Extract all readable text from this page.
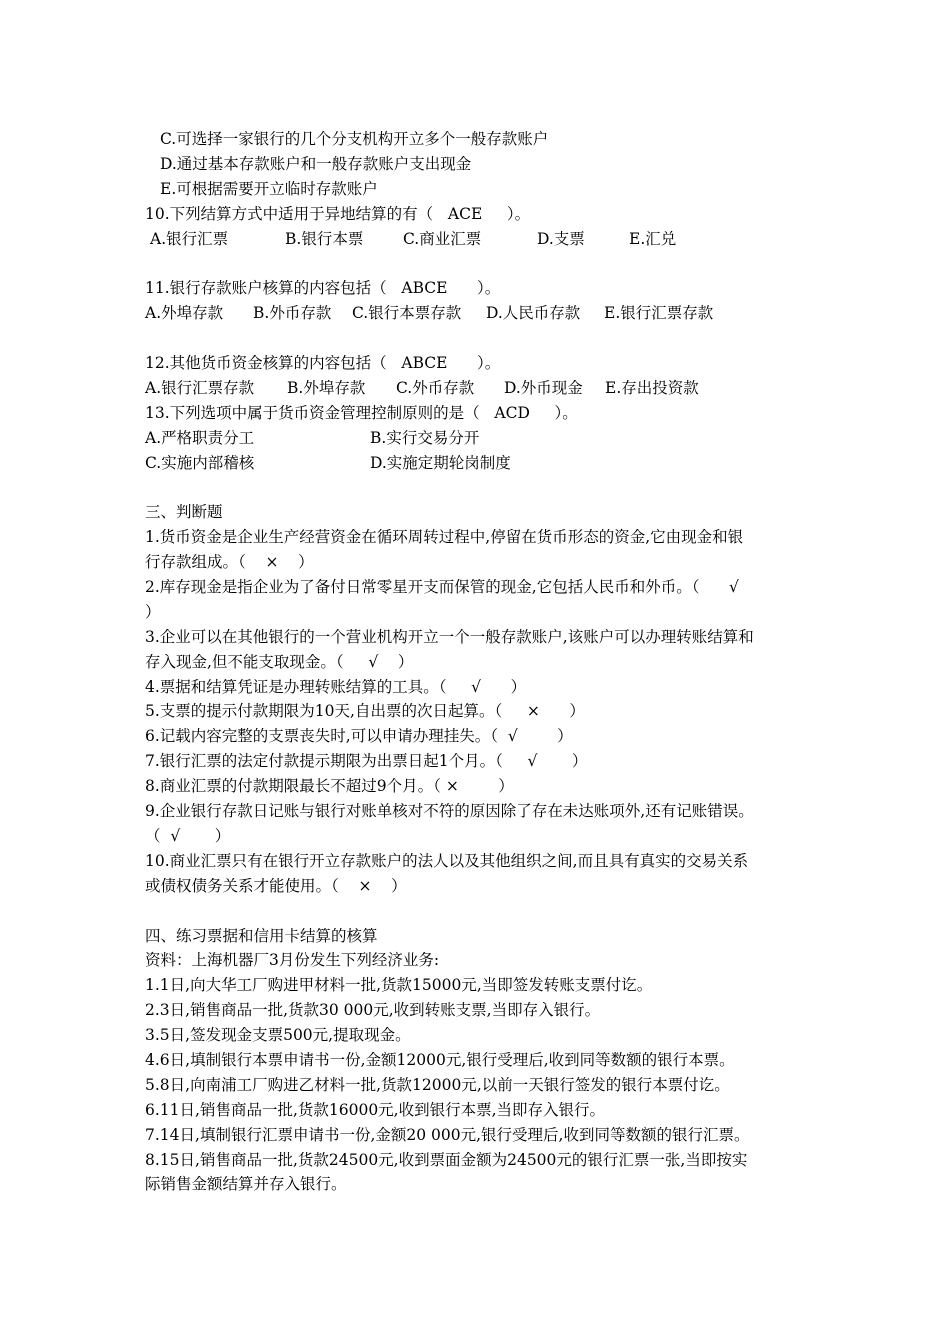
C.可选择一家银行的几个分支机构开立多个一般存款账户
D.通过基本存款账户和一般存款账户支出现金
E.可根据需要开立临时存款账户
10.下列结算方式中适用于异地结算的有（   ACE     ）。
A.银行汇票	B.银行本票	C.商业汇票	D.支票	E.汇兑
11.银行存款账户核算的内容包括（   ABCE      ）。
A.外埠存款	B.外币存款	C.银行本票存款	D.人民币存款	E.银行汇票存款
12.其他货币资金核算的内容包括（   ABCE      ）。
A.银行汇票存款	B.外埠存款	C.外币存款	D.外币现金	E.存出投资款
13.下列选项中属于货币资金管理控制原则的是（   ACD     ）。
A.严格职责分工	B.实行交易分开
C.实施内部稽核	D.实施定期轮岗制度
三、判断题
1.货币资金是企业生产经营资金在循环周转过程中,停留在货币形态的资金,它由现金和银
行存款组成。（    ×    ）
2.库存现金是指企业为了备付日常零星开支而保管的现金,它包括人民币和外币。（      √
）
3.企业可以在其他银行的一个营业机构开立一个一般存款账户,该账户可以办理转账结算和
存入现金,但不能支取现金。（     √    ）
4.票据和结算凭证是办理转账结算的工具。（     √      ）
5.支票的提示付款期限为10天,自出票的次日起算。（     ×      ）
6.记载内容完整的支票丧失时,可以申请办理挂失。（  √        ）
7.银行汇票的法定付款提示期限为出票日起1个月。（     √       ）
8.商业汇票的付款期限最长不超过9个月。（ ×        ）
9.企业银行存款日记账与银行对账单核对不符的原因除了存在未达账项外,还有记账错误。
（  √       ）
10.商业汇票只有在银行开立存款账户的法人以及其他组织之间,而且具有真实的交易关系
或债权债务关系才能使用。（    ×    ）
四、练习票据和信用卡结算的核算
资料：上海机器厂3月份发生下列经济业务:
1.1日,向大华工厂购进甲材料一批,货款15000元,当即签发转账支票付讫。
2.3日,销售商品一批,货款30 000元,收到转账支票,当即存入银行。
3.5日,签发现金支票500元,提取现金。
4.6日,填制银行本票申请书一份,金额12000元,银行受理后,收到同等数额的银行本票。
5.8日,向南浦工厂购进乙材料一批,货款12000元,以前一天银行签发的银行本票付讫。
6.11日,销售商品一批,货款16000元,收到银行本票,当即存入银行。
7.14日,填制银行汇票申请书一份,金额20 000元,银行受理后,收到同等数额的银行汇票。
8.15日,销售商品一批,货款24500元,收到票面金额为24500元的银行汇票一张,当即按实
际销售金额结算并存入银行。
